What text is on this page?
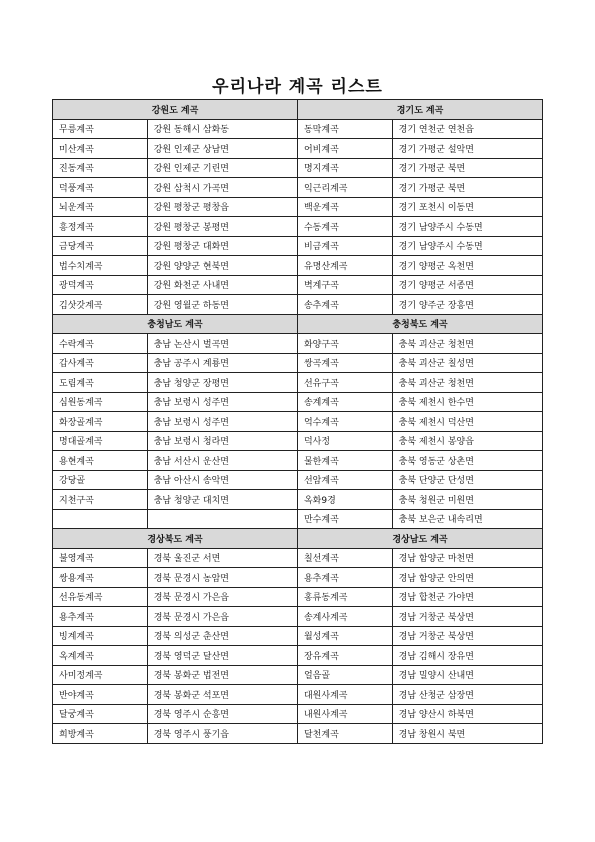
우리나라 계곡 리스트
강원도 계곡		경기도 계곡	
무릉계곡	강원 동해시 삼화동	동막계곡	경기 연천군 연천읍
미산계곡	강원 인제군 상남면	어비계곡	경기 가평군 설악면
진동계곡	강원 인제군 기린면	명지계곡	경기 가평군 북면
덕풍계곡	강원 삼척시 가곡면	익근리계곡	경기 가평군 북면
뇌운계곡	강원 평창군 평창읍	백운계곡	경기 포천시 이동면
흥정계곡	강원 평창군 봉평면	수동계곡	경기 남양주시 수동면
금당계곡	강원 평창군 대화면	비금계곡	경기 남양주시 수동면
법수치계곡	강원 양양군 현북면	유명산계곡	경기 양평군 옥천면
광덕계곡	강원 화천군 사내면	벽계구곡	경기 양평군 서종면
김삿갓계곡	강원 영월군 하동면	송추계곡	경기 양주군 장흥면
충청남도 계곡		충청북도 계곡	
수락계곡	충남 논산시 벌곡면	화양구곡	충북 괴산군 청천면
갑사계곡	충남 공주시 계룡면	쌍곡계곡	충북 괴산군 칠성면
도림계곡	충남 청양군 장평면	선유구곡	충북 괴산군 청천면
심원동계곡	충남 보령시 성주면	송계계곡	충북 제천시 한수면
화장골계곡	충남 보령시 성주면	억수계곡	충북 제천시 덕산면
명대골계곡	충남 보령시 청라면	덕사정	충북 제천시 봉양읍
용현계곡	충남 서산시 운산면	물한계곡	충북 영동군 상촌면
강당골	충남 아산시 송악면	선암계곡	충북 단양군 단성면
지천구곡	충남 청양군 대치면	옥화9경	충북 청원군 미원면
		만수계곡	충북 보은군 내속리면
경상북도 계곡		경상남도 계곡	
불영계곡	경북 울진군 서면	칠선계곡	경남 함양군 마천면
쌍용계곡	경북 문경시 농암면	용추계곡	경남 함양군 안의면
선유동계곡	경북 문경시 가은읍	홍류동계곡	경남 합천군 가야면
용추계곡	경북 문경시 가은읍	송계사계곡	경남 거창군 북상면
빙계계곡	경북 의성군 춘산면	월성계곡	경남 거창군 북상면
옥계계곡	경북 영덕군 달산면	장유계곡	경남 김해시 장유면
사미정계곡	경북 봉화군 법전면	얼음골	경남 밀양시 산내면
반야계곡	경북 봉화군 석포면	대원사계곡	경남 산청군 삼장면
달궁계곡	경북 영주시 순흥면	내원사계곡	경남 양산시 하북면
희방계곡	경북 영주시 풍기읍	달천계곡	경남 창원시 북면
